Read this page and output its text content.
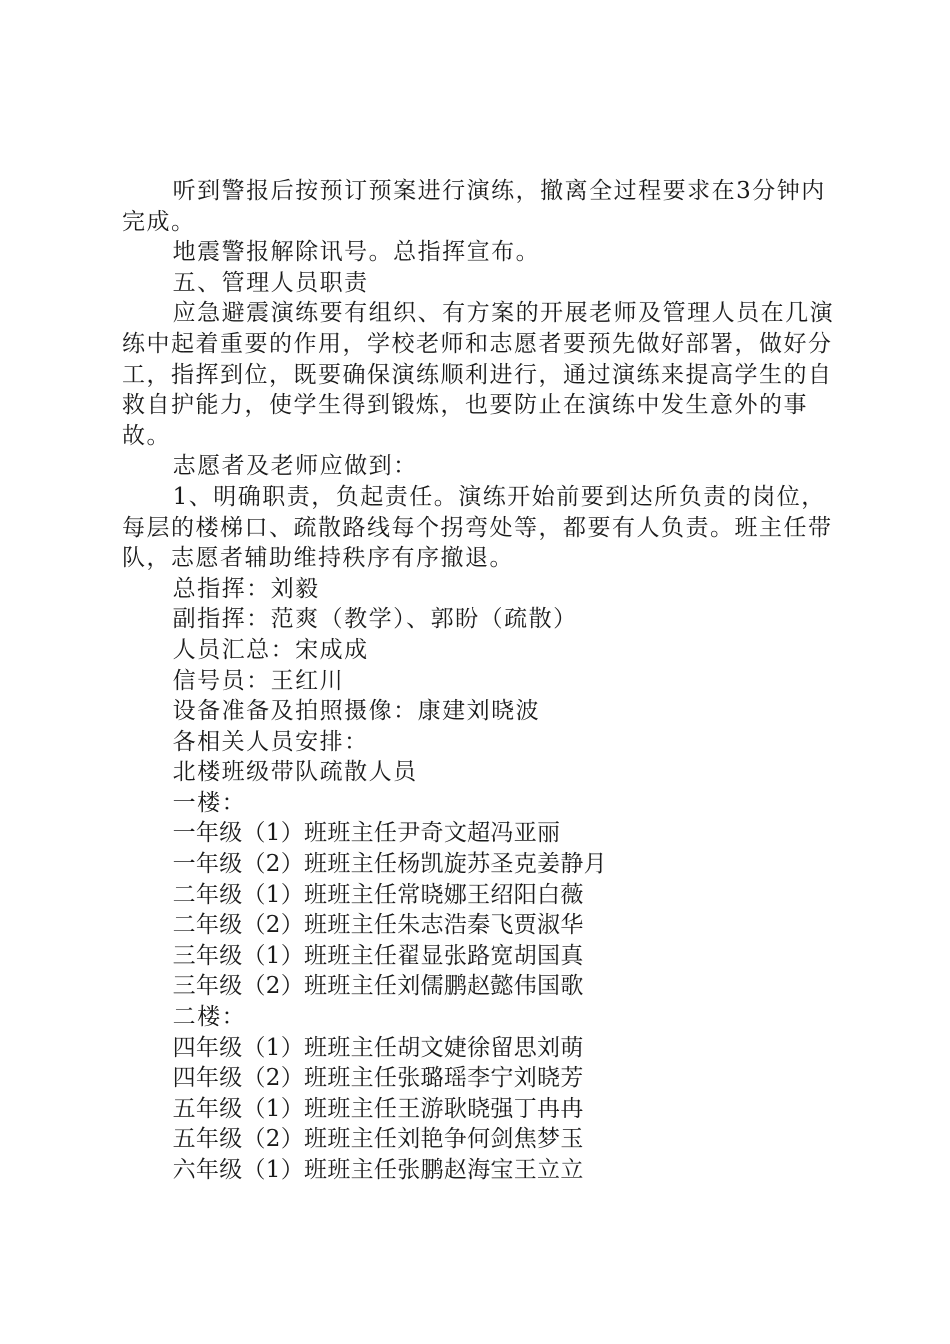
听到警报后按预订预案进行演练，撤离全过程要求在3分钟内完成。

地震警报解除讯号。总指挥宣布。

五、管理人员职责

应急避震演练要有组织、有方案的开展老师及管理人员在几演练中起着重要的作用，学校老师和志愿者要预先做好部署，做好分工，指挥到位，既要确保演练顺利进行，通过演练来提高学生的自救自护能力，使学生得到锻炼，也要防止在演练中发生意外的事故。

志愿者及老师应做到：

1、明确职责，负起责任。演练开始前要到达所负责的岗位，每层的楼梯口、疏散路线每个拐弯处等，都要有人负责。班主任带队，志愿者辅助维持秩序有序撤退。

总指挥：刘毅

副指挥：范爽（教学）、郭盼（疏散）

人员汇总：宋成成

信号员：王红川

设备准备及拍照摄像：康建刘晓波

各相关人员安排：

北楼班级带队疏散人员

一楼：

一年级（1）班班主任尹奇文超冯亚丽

一年级（2）班班主任杨凯旋苏圣克姜静月

二年级（1）班班主任常晓娜王绍阳白薇

二年级（2）班班主任朱志浩秦飞贾淑华

三年级（1）班班主任翟显张路宽胡国真

三年级（2）班班主任刘儒鹏赵懿伟国歌

二楼：

四年级（1）班班主任胡文婕徐留思刘萌

四年级（2）班班主任张璐瑶李宁刘晓芳

五年级（1）班班主任王游耿晓强丁冉冉

五年级（2）班班主任刘艳争何剑焦梦玉

六年级（1）班班主任张鹏赵海宝王立立
